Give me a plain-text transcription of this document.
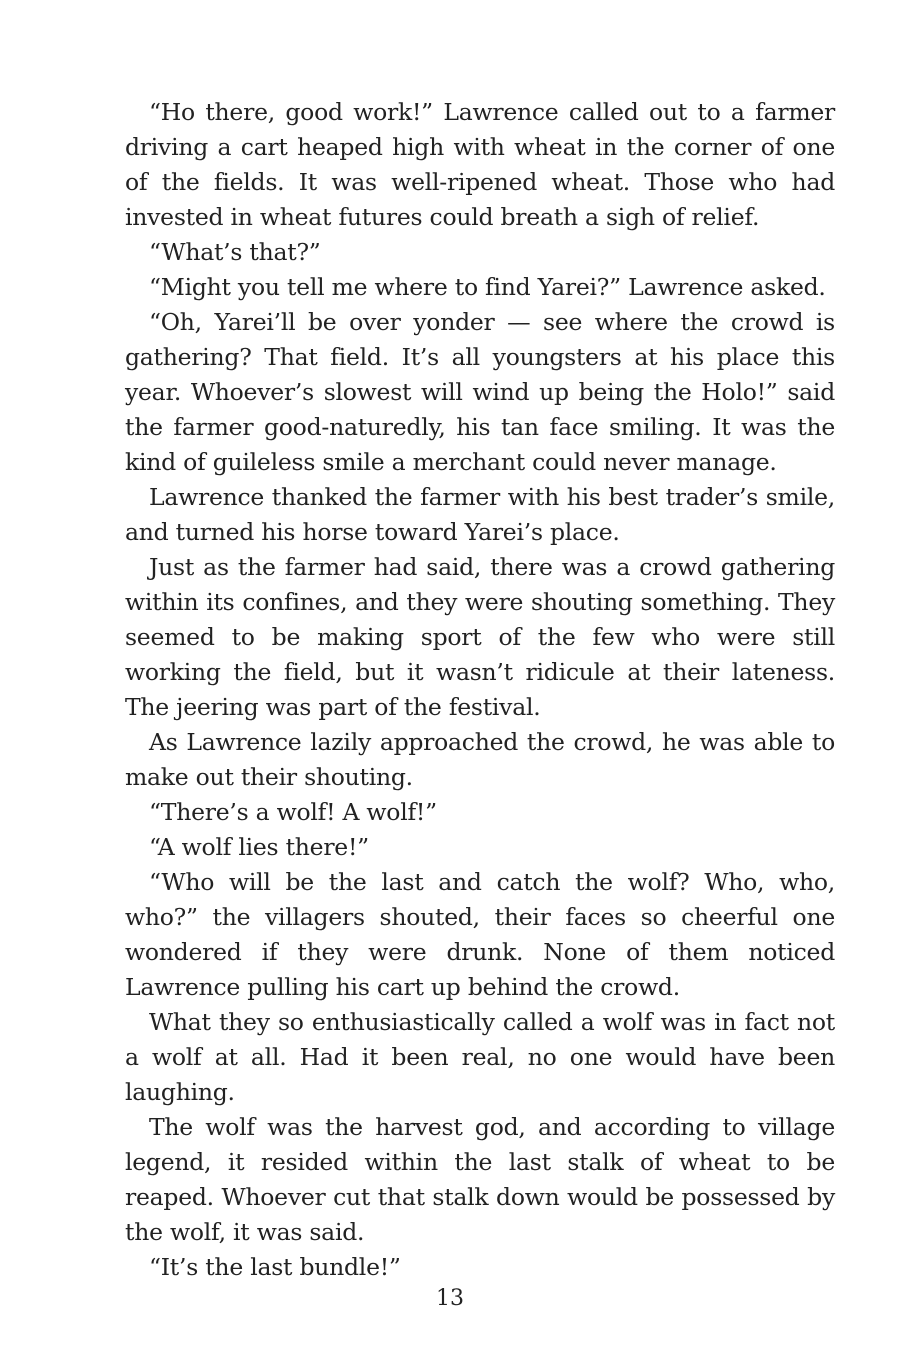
“Ho there, good work!” Lawrence called out to a farmer driving a cart heaped high with wheat in the corner of one of the fields. It was well-ripened wheat. Those who had invested in wheat futures could breath a sigh of relief.

“What’s that?”

“Might you tell me where to find Yarei?” Lawrence asked.

“Oh, Yarei’ll be over yonder — see where the crowd is gathering? That field. It’s all youngsters at his place this year. Whoever’s slowest will wind up being the Holo!” said the farmer good-naturedly, his tan face smiling. It was the kind of guileless smile a merchant could never manage.

Lawrence thanked the farmer with his best trader’s smile, and turned his horse toward Yarei’s place.

Just as the farmer had said, there was a crowd gathering within its confines, and they were shouting something. They seemed to be making sport of the few who were still working the field, but it wasn’t ridicule at their lateness. The jeering was part of the festival.

As Lawrence lazily approached the crowd, he was able to make out their shouting.

“There’s a wolf! A wolf!”

“A wolf lies there!”

“Who will be the last and catch the wolf? Who, who, who?” the villagers shouted, their faces so cheerful one wondered if they were drunk. None of them noticed Lawrence pulling his cart up behind the crowd.

What they so enthusiastically called a wolf was in fact not a wolf at all. Had it been real, no one would have been laughing.

The wolf was the harvest god, and according to village legend, it resided within the last stalk of wheat to be reaped. Whoever cut that stalk down would be possessed by the wolf, it was said.

“It’s the last bundle!”

13
